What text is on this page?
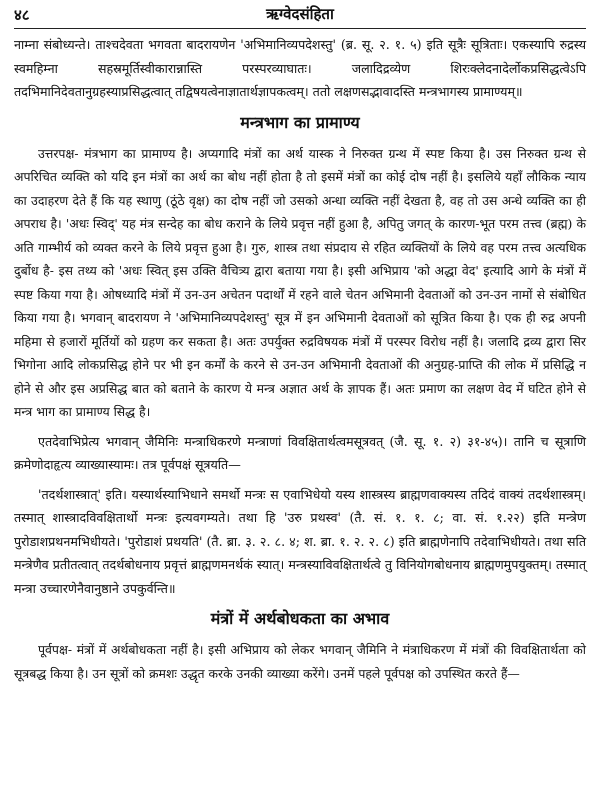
४८	ऋग्वेदसंहिता

नाम्ना संबोध्यन्ते। ताश्चदेवता भगवता बादरायणेन 'अभिमानिव्यपदेशस्तु' (ब्र. सू. २. १. ५) इति सूत्रैः सूत्रिताः। एकस्यापि रुद्रस्य स्वमहिम्ना सहस्रमूर्तिस्वीकारान्नास्ति परस्परव्याघातः। जलादिद्रव्येण शिरःक्लेदनादेर्लोकप्रसिद्धत्वेऽपि तदभिमानिदेवतानुग्रहस्याप्रसिद्धत्वात् तद्विषयत्वेनाज्ञातार्थज्ञापकत्वम्। ततो लक्षणसद्भावादस्ति मन्त्रभागस्य प्रामाण्यम्॥

मन्त्रभाग का प्रामाण्य

उत्तरपक्ष- मंत्रभाग का प्रामाण्य है। अप्यगादि मंत्रों का अर्थ यास्क ने निरुक्त ग्रन्थ में स्पष्ट किया है। उस निरुक्त ग्रन्थ से अपरिचित व्यक्ति को यदि इन मंत्रों का अर्थ का बोध नहीं होता है तो इसमें मंत्रों का कोई दोष नहीं है। इसलिये यहाँ लौकिक न्याय का उदाहरण देते हैं कि यह स्थाणु (ठूंठे वृक्ष) का दोष नहीं जो उसको अन्धा व्यक्ति नहीं देखता है, वह तो उस अन्धे व्यक्ति का ही अपराध है। 'अधः स्विद्' यह मंत्र सन्देह का बोध कराने के लिये प्रवृत्त नहीं हुआ है, अपितु जगत् के कारण-भूत परम तत्त्व (ब्रह्म) के अति गाम्भीर्य को व्यक्त करने के लिये प्रवृत्त हुआ है। गुरु, शास्त्र तथा संप्रदाय से रहित व्यक्तियों के लिये वह परम तत्त्व अत्यधिक दुर्बोध है- इस तथ्य को 'अधः स्वित् इस उक्ति वैचित्र्य द्वारा बताया गया है। इसी अभिप्राय 'को अद्धा वेद' इत्यादि आगे के मंत्रों में स्पष्ट किया गया है। ओषध्यादि मंत्रों में उन-उन अचेतन पदार्थों में रहने वाले चेतन अभिमानी देवताओं को उन-उन नामों से संबोधित किया गया है। भगवान् बादरायण ने 'अभिमानिव्यपदेशस्तु' सूत्र में इन अभिमानी देवताओं को सूत्रित किया है। एक ही रुद्र अपनी महिमा से हजारों मूर्तियों को ग्रहण कर सकता है। अतः उपर्युक्त रुद्रविषयक मंत्रों में परस्पर विरोध नहीं है। जलादि द्रव्य द्वारा सिर भिगोना आदि लोकप्रसिद्ध होने पर भी इन कर्मों के करने से उन-उन अभिमानी देवताओं की अनुग्रह-प्राप्ति की लोक में प्रसिद्धि न होने से और इस अप्रसिद्ध बात को बताने के कारण ये मन्त्र अज्ञात अर्थ के ज्ञापक हैं। अतः प्रमाण का लक्षण वेद में घटित होने से मन्त्र भाग का प्रामाण्य सिद्ध है।

एतदेवाभिप्रेत्य भगवान् जैमिनिः मन्त्राधिकरणे मन्त्राणां विवक्षितार्थत्वमसूत्रवत् (जै. सू. १. २) ३१-४५)। तानि च सूत्राणि क्रमेणोदाहृत्य व्याख्यास्यामः। तत्र पूर्वपक्षं सूत्रयति—

'तदर्थशास्त्रात्' इति। यस्यार्थस्याभिधाने समर्थो मन्त्रः स एवाभिधेयो यस्य शास्त्रस्य ब्राह्मणवाक्यस्य तदिदं वाक्यं तदर्थशास्त्रम्। तस्मात् शास्त्रादविवक्षितार्थो मन्त्रः इत्यवगम्यते। तथा हि 'उरु प्रथस्व' (तै. सं. १. १. ८; वा. सं. १.२२) इति मन्त्रेण पुरोडाशप्रथनमभिधीयते। 'पुरोडाशं प्रथयति' (तै. ब्रा. ३. २. ८. ४; श. ब्रा. १. २. २. ८) इति ब्राह्मणेनापि तदेवाभिधीयते। तथा सति मन्त्रेणैव प्रतीतत्वात् तदर्थबोधनाय प्रवृत्तं ब्राह्मणमनर्थकं स्यात्। मन्त्रस्याविवक्षितार्थत्वे तु विनियोगबोधनाय ब्राह्मणमुपयुक्तम्। तस्मात् मन्त्रा उच्चारणेनैवानुष्ठाने उपकुर्वन्ति॥

मंत्रों में अर्थबोधकता का अभाव

पूर्वपक्ष- मंत्रों में अर्थबोधकता नहीं है। इसी अभिप्राय को लेकर भगवान् जैमिनि ने मंत्राधिकरण में मंत्रों की विवक्षितार्थता को सूत्रबद्ध किया है। उन सूत्रों को क्रमशः उद्धृत करके उनकी व्याख्या करेंगे। उनमें पहले पूर्वपक्ष को उपस्थित करते हैं—
